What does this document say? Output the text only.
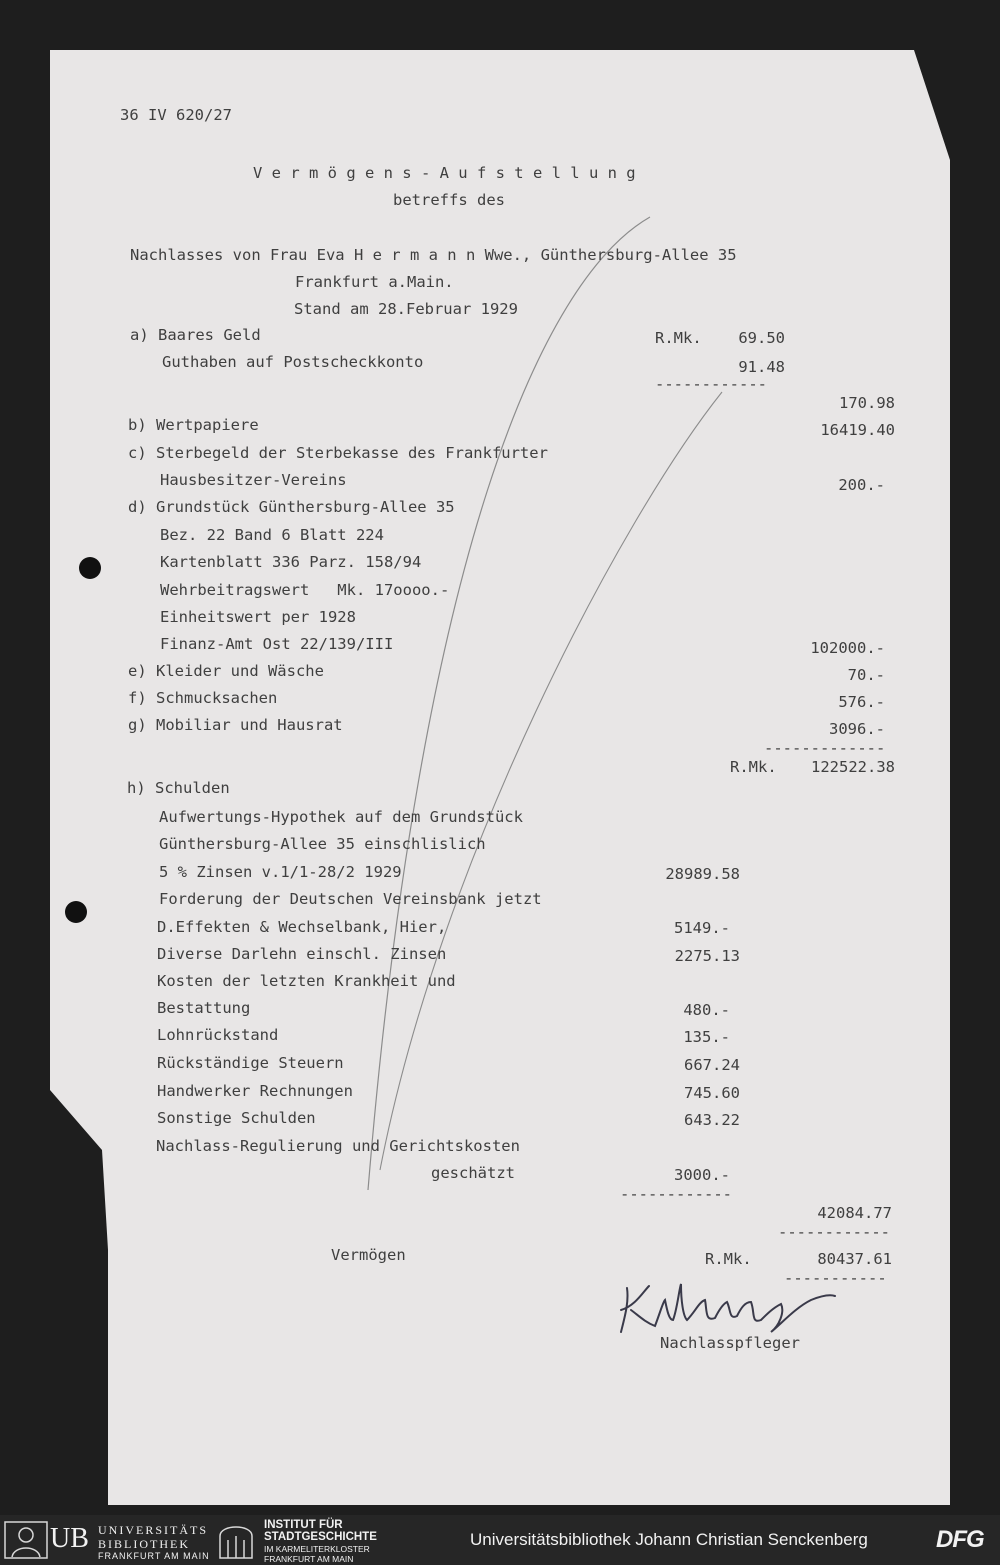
36 IV 620/27
V e r m ö g e n s - A u f s t e l l u n g
betreffs des
Nachlasses von Frau Eva H e r m a n n Wwe., Günthersburg-Allee 35
Frankfurt a.Main.
Stand am 28.Februar 1929
a) Baares Geld	R.Mk.	69.50
Guthaben auf Postscheckkonto	91.48
------------
170.98
b) Wertpapiere	16419.40
c) Sterbegeld der Sterbekasse des Frankfurter
Hausbesitzer-Vereins	200.-
d) Grundstück Günthersburg-Allee 35
Bez. 22 Band 6 Blatt 224
Kartenblatt 336 Parz. 158/94
Wehrbeitragswert   Mk. 17oooo.-
Einheitswert per 1928
Finanz-Amt Ost 22/139/III	102000.-
e) Kleider und Wäsche	70.-
f) Schmucksachen	576.-
g) Mobiliar und Hausrat	3096.-
-------------
R.Mk.	122522.38
h) Schulden
Aufwertungs-Hypothek auf dem Grundstück
Günthersburg-Allee 35 einschlislich
5 % Zinsen v.1/1-28/2 1929	28989.58
Forderung der Deutschen Vereinsbank jetzt
D.Effekten & Wechselbank, Hier,	5149.-
Diverse Darlehn einschl. Zinsen	2275.13
Kosten der letzten Krankheit und
Bestattung	480.-
Lohnrückstand	135.-
Rückständige Steuern	667.24
Handwerker Rechnungen	745.60
Sonstige Schulden	643.22
Nachlass-Regulierung und Gerichtskosten
geschätzt	3000.-
------------
42084.77
------------
Vermögen	R.Mk.	80437.61
-----------
Nachlasspfleger
UB UNIVERSITÄTS
BIBLIOTHEK
FRANKFURT AM MAIN
INSTITUT FÜR
STADTGESCHICHTE
IM KARMELITERKLOSTER
FRANKFURT AM MAIN
Universitätsbibliothek Johann Christian Senckenberg	DFG
